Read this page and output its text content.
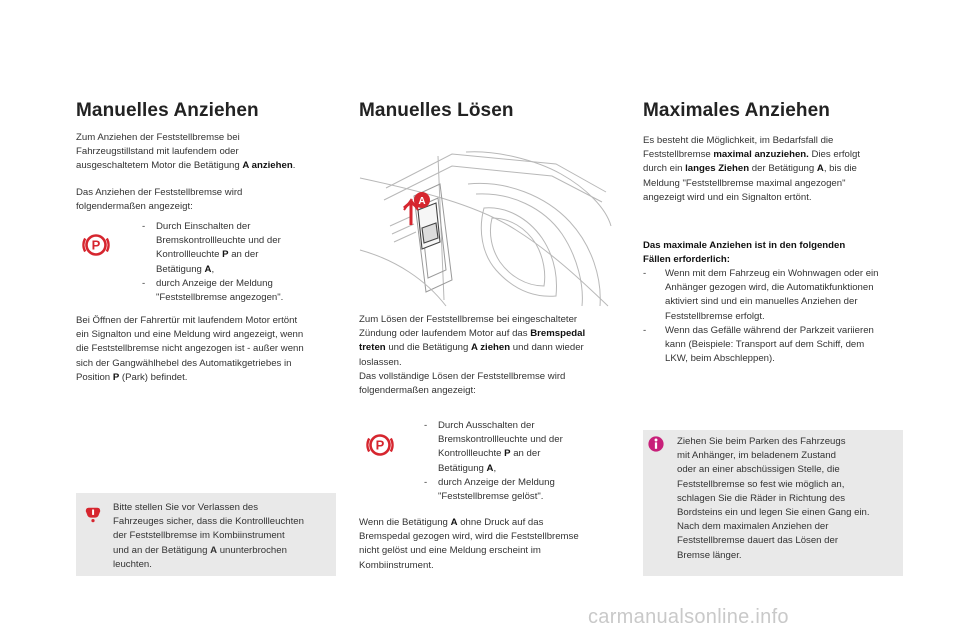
Manuelles Anziehen
Zum Anziehen der Feststellbremse bei
Fahrzeugstillstand mit laufendem oder
ausgeschaltetem Motor die Betätigung A anziehen.
Das Anziehen der Feststellbremse wird
folgendermaßen angezeigt:
P
- Durch Einschalten der
Bremskontrollleuchte und der
Kontrollleuchte P an der
Betätigung A,
- durch Anzeige der Meldung
"Feststellbremse angezogen".
Bei Öffnen der Fahrertür mit laufendem Motor ertönt
ein Signalton und eine Meldung wird angezeigt, wenn
die Feststellbremse nicht angezogen ist - außer wenn
sich der Gangwählhebel des Automatikgetriebes in
Position P (Park) befindet.
Bitte stellen Sie vor Verlassen des
Fahrzeuges sicher, dass die Kontrollleuchten
der Feststellbremse im Kombiinstrument
und an der Betätigung A ununterbrochen
leuchten.
Manuelles Lösen
A
Zum Lösen der Feststellbremse bei eingeschalteter
Zündung oder laufendem Motor auf das Bremspedal
treten und die Betätigung A ziehen und dann wieder
loslassen.
Das vollständige Lösen der Feststellbremse wird
folgendermaßen angezeigt:
P
- Durch Ausschalten der
Bremskontrollleuchte und der
Kontrollleuchte P an der
Betätigung A,
- durch Anzeige der Meldung
"Feststellbremse gelöst".
Wenn die Betätigung A ohne Druck auf das
Bremspedal gezogen wird, wird die Feststellbremse
nicht gelöst und eine Meldung erscheint im
Kombiinstrument.
Maximales Anziehen
Es besteht die Möglichkeit, im Bedarfsfall die
Feststellbremse maximal anzuziehen. Dies erfolgt
durch ein langes Ziehen der Betätigung A, bis die
Meldung "Feststellbremse maximal angezogen"
angezeigt wird und ein Signalton ertönt.
Das maximale Anziehen ist in den folgenden
Fällen erforderlich:
- Wenn mit dem Fahrzeug ein Wohnwagen oder ein
Anhänger gezogen wird, die Automatikfunktionen
aktiviert sind und ein manuelles Anziehen der
Feststellbremse erfolgt.
- Wenn das Gefälle während der Parkzeit variieren
kann (Beispiele: Transport auf dem Schiff, dem
LKW, beim Abschleppen).
Ziehen Sie beim Parken des Fahrzeugs
mit Anhänger, im beladenem Zustand
oder an einer abschüssigen Stelle, die
Feststellbremse so fest wie möglich an,
schlagen Sie die Räder in Richtung des
Bordsteins ein und legen Sie einen Gang ein.
Nach dem maximalen Anziehen der
Feststellbremse dauert das Lösen der
Bremse länger.
carmanualsonline.info
